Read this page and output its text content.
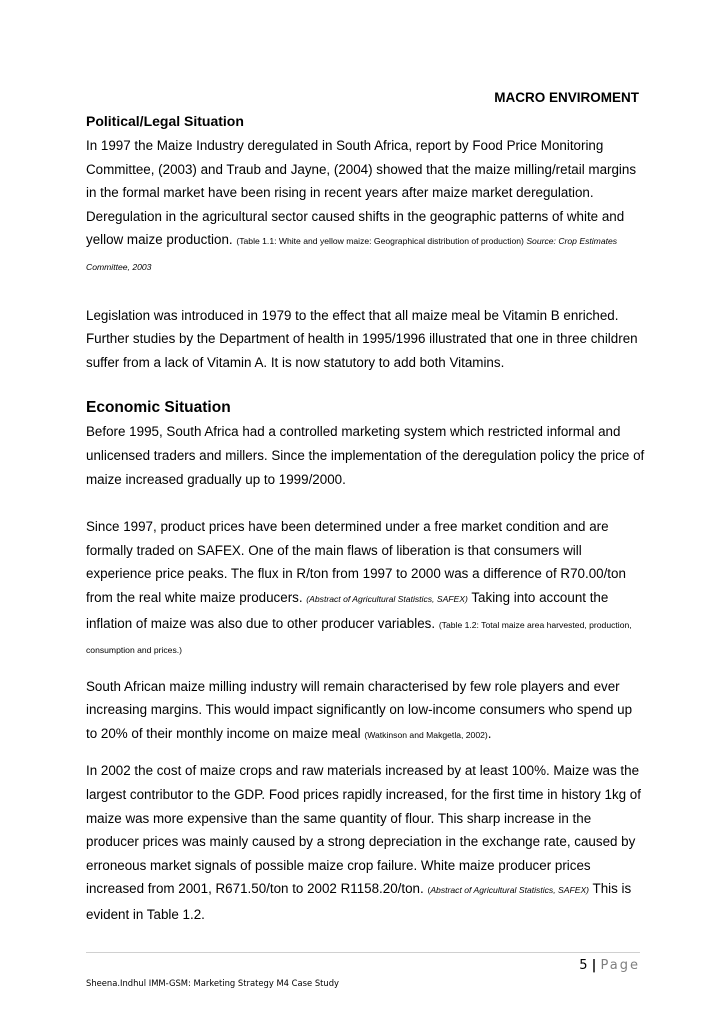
MACRO ENVIROMENT
Political/Legal Situation

In 1997 the Maize Industry deregulated in South Africa, report by Food Price Monitoring Committee, (2003) and Traub and Jayne, (2004) showed that the maize milling/retail margins in the formal market have been rising in recent years after maize market deregulation. Deregulation in the agricultural sector caused shifts in the geographic patterns of white and yellow maize production. (Table 1.1: White and yellow maize: Geographical distribution of production) Source: Crop Estimates Committee, 2003

Legislation was introduced in 1979 to the effect that all maize meal be Vitamin B enriched. Further studies by the Department of health in 1995/1996 illustrated that one in three children suffer from a lack of Vitamin A. It is now statutory to add both Vitamins.

Economic Situation

Before 1995, South Africa had a controlled marketing system which restricted informal and unlicensed traders and millers. Since the implementation of the deregulation policy the price of maize increased gradually up to 1999/2000.

Since 1997, product prices have been determined under a free market condition and are formally traded on SAFEX. One of the main flaws of liberation is that consumers will experience price peaks. The flux in R/ton from 1997 to 2000 was a difference of R70.00/ton from the real white maize producers. (Abstract of Agricultural Statistics, SAFEX) Taking into account the inflation of maize was also due to other producer variables. (Table 1.2: Total maize area harvested, production, consumption and prices.)

South African maize milling industry will remain characterised by few role players and ever increasing margins. This would impact significantly on low-income consumers who spend up to 20% of their monthly income on maize meal (Watkinson and Makgetla, 2002).

In 2002 the cost of maize crops and raw materials increased by at least 100%. Maize was the largest contributor to the GDP. Food prices rapidly increased, for the first time in history 1kg of maize was more expensive than the same quantity of flour. This sharp increase in the producer prices was mainly caused by a strong depreciation in the exchange rate, caused by erroneous market signals of possible maize crop failure. White maize producer prices increased from 2001, R671.50/ton to 2002 R1158.20/ton. (Abstract of Agricultural Statistics, SAFEX) This is evident in Table 1.2.

5 | Page
Sheena.Indhul IMM-GSM: Marketing Strategy M4 Case Study
